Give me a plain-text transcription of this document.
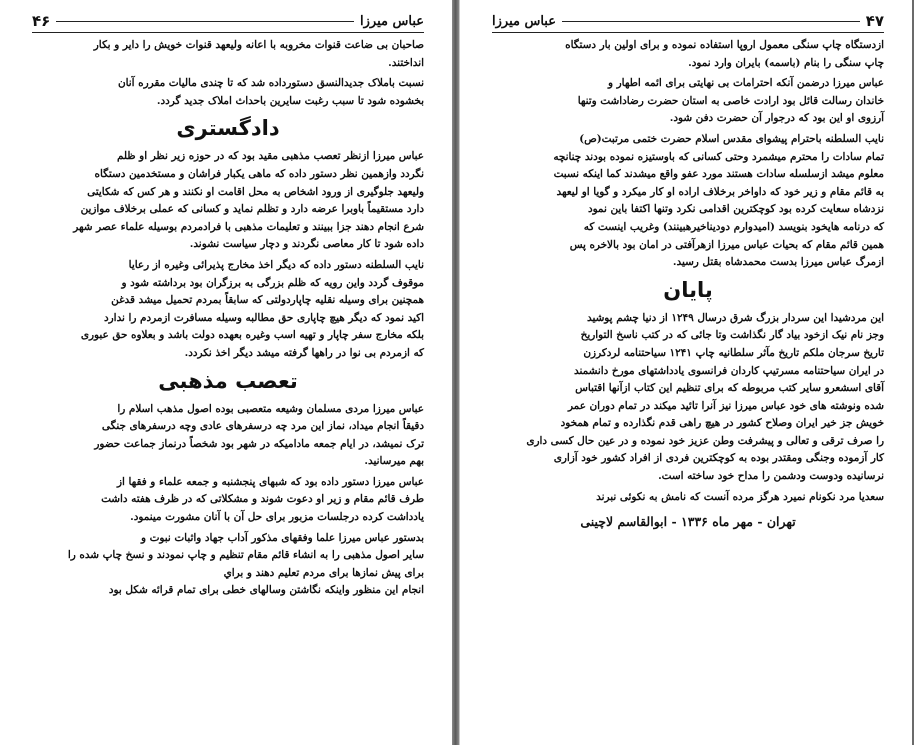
۴۶	عباس میرزا

صاحبان بی ضاعت قنوات مخروبه با اعانه ولیعهد قنوات خویش را دایر و بکار
انداختند.

نسبت باملاک جدیدالنسق دستورداده شد که تا چندی مالیات مقرره آنان
بخشوده شود تا سبب رغبت سایرین باحداث املاک جدید گردد.

دادگستری

عباس میرزا ازنظر تعصب مذهبی مقید بود که در حوزه زیر نظر او ظلم
نگردد وازهمین نظر دستور داده که ماهی یکبار فراشان و مستخدمین دستگاه
ولیعهد جلوگیری از ورود اشخاص به محل اقامت او نکنند و هر کس که شکایتی
دارد مستقیماً باوبرا عرضه دارد و تظلم نماید و کسانی که عملی برخلاف موازین
شرع انجام دهند جزا ببینند و تعلیمات مذهبی با فرادمردم بوسیله علماء عصر شهر
داده شود تا کار معاصی نگردند و دچار سیاست نشوند.

نایب السلطنه دستور داده که دیگر اخذ مخارج پذیرائی وغیره از رعایا
موقوف گردد واین رویه که ظلم بزرگی به برزگران بود برداشته شود و
همچنین برای وسیله نقلیه چاپاردولتی که سابقاً بمردم تحمیل میشد قدغن
اکید نمود که دیگر هیچ چاپاری حق مطالبه وسیله مسافرت ازمردم را ندارد
بلکه مخارج سفر چاپار و تهیه اسب وغیره بعهده دولت باشد و بعلاوه حق عبوری
که ازمردم بی نوا در راهها گرفته میشد دیگر اخذ نکردد.

تعصب مذهبی

عباس میرزا مردی مسلمان وشیعه متعصبی بوده اصول مذهب اسلام را
دقیقاً انجام میداد، نماز این مرد چه درسفرهای عادی وچه درسفرهای جنگی
ترک نمیشد، در ایام جمعه مادامیکه در شهر بود شخصاً درنماز جماعت حضور
بهم میرسانید.

عباس میرزا دستور داده بود که شبهای پنجشنبه و جمعه علماء و فقها از
طرف قائم مقام و زیر او دعوت شوند و مشکلاتی که در ظرف هفته داشت
یادداشت کرده درجلسات مزبور برای حل آن با آنان مشورت مینمود.

بدستور عباس میرزا علما وفقهای مذکور آداب جهاد واثبات نبوت و
سایر اصول مذهبی را به انشاء قائم مقام تنظیم و چاپ نمودند و نسخ چاپ شده را
برای پیش نمازها برای مردم تعلیم دهند و براي
انجام این منظور واینکه نگاشتن وسالهای خطی برای تمام قرائه شکل بود

عباس میرزا	۴۷

ازدستگاه چاپ سنگی معمول اروپا استفاده نموده و برای اولین بار دستگاه
چاپ سنگی را بنام (باسمه) بایران وارد نمود.

عباس میرزا درضمن آنکه احترامات بی نهایتی برای ائمه اطهار و
خاندان رسالت قائل بود ارادت خاصی به استان حضرت رضاداشت وتنها
آرزوی او این بود که درجوار آن حضرت دفن شود.

نایب السلطنه باحترام پیشوای مقدس اسلام حضرت ختمی مرتبت(ص)
تمام سادات را محترم میشمرد وحتی کسانی که باوستیزه نموده بودند چنانچه
معلوم میشد ازسلسله سادات هستند مورد عفو واقع میشدند کما اینکه نسبت
به قائم مقام و زیر خود که داواخر برخلاف اراده او کار میکرد و گویا او لیعهد
نزدشاه سعایت کرده بود کوچکترین اقدامی نکرد وتنها اکتفا باین نمود
که درنامه هایخود بنویسد (امیدوارم دوديناخیرهبینند) وغریب اینست که
همین قائم مقام که بحیات عباس میرزا ازهرآفتی در امان بود بالاخره پس
ازمرگ عباس میرزا بدست محمدشاه بقتل رسید.

پایان

این مردشیدا این سردار بزرگ شرق درسال ۱۲۴۹ از دنیا چشم پوشید
وجز نام نیک ازخود بیاد گار نگذاشت وتا جائی که در کتب ناسخ التواریخ
تاریخ سرجان ملکم تاریخ مآثر سلطانیه چاپ ۱۲۴۱ سیاحتنامه لردکرزن
در ایران سیاحتنامه مسرتیپ کاردان فرانسوی یادداشتهای مورخ دانشمند
آقای اسشعرو سایر کتب مربوطه که برای تنظیم این کتاب ازآنها اقتباس
شده ونوشته های خود عباس میرزا نیز آنرا تائید میکند در تمام دوران عمر
خویش جز خیر ایران وصلاح کشور در هیچ راهی قدم نگذارده و تمام همخود
را صرف ترقی و تعالی و پیشرفت وطن عزیز خود نموده و در عین حال کسی داری
کار آزموده وجنگی ومقتدر بوده به کوچکترین فردی از افراد کشور خود آزاری
نرسانیده ودوست ودشمن را مداح خود ساخته است.

سعدیا مرد نکونام نمیرد هرگز مرده آنست که نامش به نکوئی نبرند

تهران - مهر ماه ۱۳۳۶ - ابوالقاسم لاچینی
